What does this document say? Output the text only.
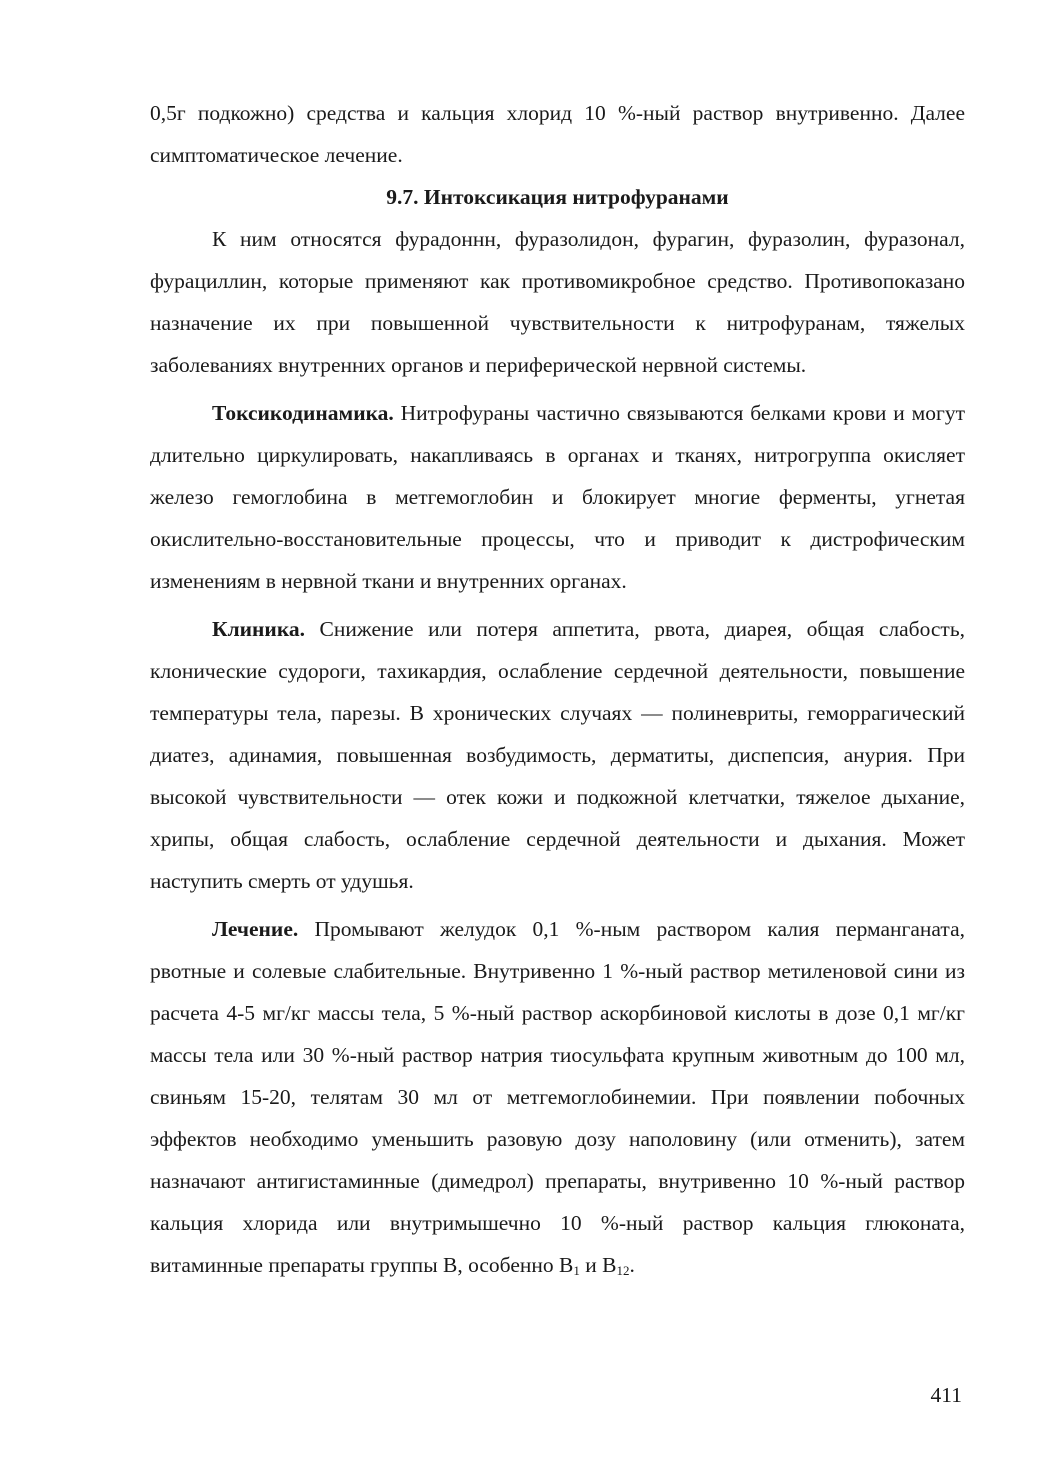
0,5г подкожно) средства и кальция хлорид 10 %-ный раствор внутривенно. Далее симптоматическое лечение.

9.7. Интоксикация нитрофуранами

К ним относятся фурадоннн, фуразолидон, фурагин, фуразолин, фуразонал, фурациллин, которые применяют как противомикробное средство. Противопоказано назначение их при повышенной чувствительности к нитрофуранам, тяжелых заболеваниях внутренних органов и периферической нервной системы.

Токсикодинамика. Нитрофураны частично связываются белками крови и могут длительно циркулировать, накапливаясь в органах и тканях, нитрогруппа окисляет железо гемоглобина в метгемоглобин и блокирует многие ферменты, угнетая окислительно-восстановительные процессы, что и приводит к дистрофическим изменениям в нервной ткани и внутренних органах.

Клиника. Снижение или потеря аппетита, рвота, диарея, общая слабость, клонические судороги, тахикардия, ослабление сердечной деятельности, повышение температуры тела, парезы. В хронических случаях — полиневриты, геморрагический диатез, адинамия, повышенная возбудимость, дерматиты, диспепсия, анурия. При высокой чувствительности — отек кожи и подкожной клетчатки, тяжелое дыхание, хрипы, общая слабость, ослабление сердечной деятельности и дыхания. Может наступить смерть от удушья.

Лечение. Промывают желудок 0,1 %-ным раствором калия перманганата, рвотные и солевые слабительные. Внутривенно 1 %-ный раствор метиленовой сини из расчета 4-5 мг/кг массы тела, 5 %-ный раствор аскорбиновой кислоты в дозе 0,1 мг/кг массы тела или 30 %-ный раствор натрия тиосульфата крупным животным до 100 мл, свиньям 15-20, телятам 30 мл от метгемоглобинемии. При появлении побочных эффектов необходимо уменьшить разовую дозу наполовину (или отменить), затем назначают антигистаминные (димедрол) препараты, внутривенно 10 %-ный раствор кальция хлорида или внутримышечно 10 %-ный раствор кальция глюконата, витаминные препараты группы В, особенно $В_1$ и $В_{12}$.

411
